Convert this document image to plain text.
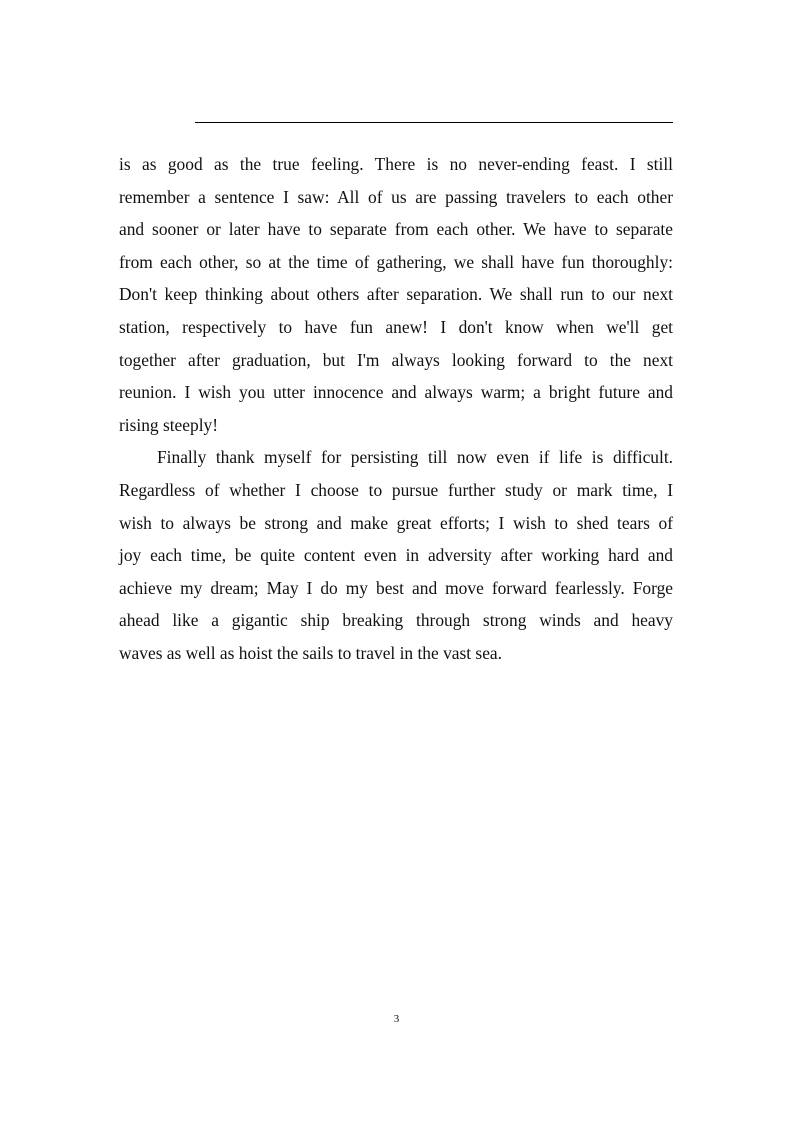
is as good as the true feeling. There is no never-ending feast. I still
remember a sentence I saw: All of us are passing travelers to each other
and sooner or later have to separate from each other. We have to separate
from each other, so at the time of gathering, we shall have fun thoroughly:
Don't keep thinking about others after separation. We shall run to our next
station, respectively to have fun anew! I don't know when we'll get
together after graduation, but I'm always looking forward to the next
reunion. I wish you utter innocence and always warm; a bright future and
rising steeply!
Finally thank myself for persisting till now even if life is difficult.
Regardless of whether I choose to pursue further study or mark time, I
wish to always be strong and make great efforts; I wish to shed tears of
joy each time, be quite content even in adversity after working hard and
achieve my dream; May I do my best and move forward fearlessly. Forge
ahead like a gigantic ship breaking through strong winds and heavy
waves as well as hoist the sails to travel in the vast sea.
3
